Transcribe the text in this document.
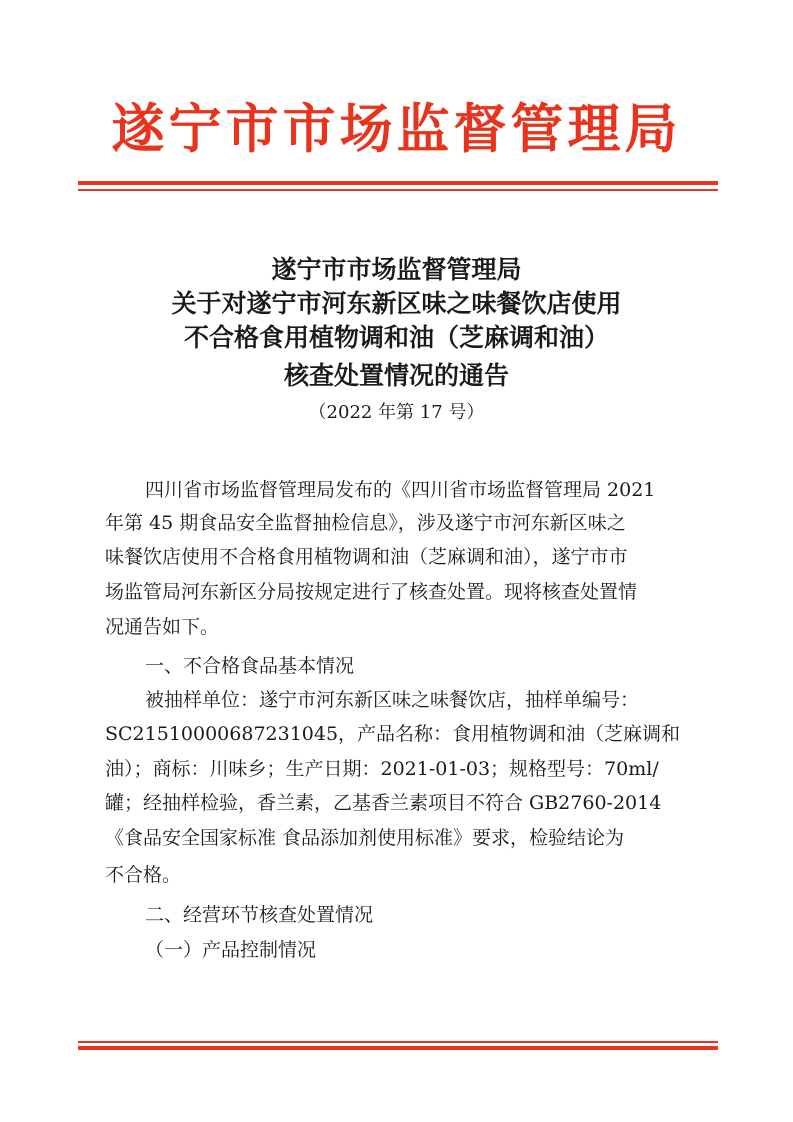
遂宁市市场监督管理局
遂宁市市场监督管理局
关于对遂宁市河东新区味之味餐饮店使用
不合格食用植物调和油（芝麻调和油）
核查处置情况的通告
（2022 年第 17 号）
四川省市场监督管理局发布的《四川省市场监督管理局 2021
年第 45 期食品安全监督抽检信息》，涉及遂宁市河东新区味之
味餐饮店使用不合格食用植物调和油（芝麻调和油），遂宁市市
场监管局河东新区分局按规定进行了核查处置。现将核查处置情
况通告如下。
一、不合格食品基本情况
被抽样单位：遂宁市河东新区味之味餐饮店，抽样单编号：
SC21510000687231045，产品名称：食用植物调和油（芝麻调和
油）；商标：川味乡；生产日期：2021-01-03；规格型号：70ml/
罐；经抽样检验，香兰素，乙基香兰素项目不符合 GB2760-2014
《食品安全国家标准 食品添加剂使用标准》要求，检验结论为
不合格。
二、经营环节核查处置情况
（一）产品控制情况
